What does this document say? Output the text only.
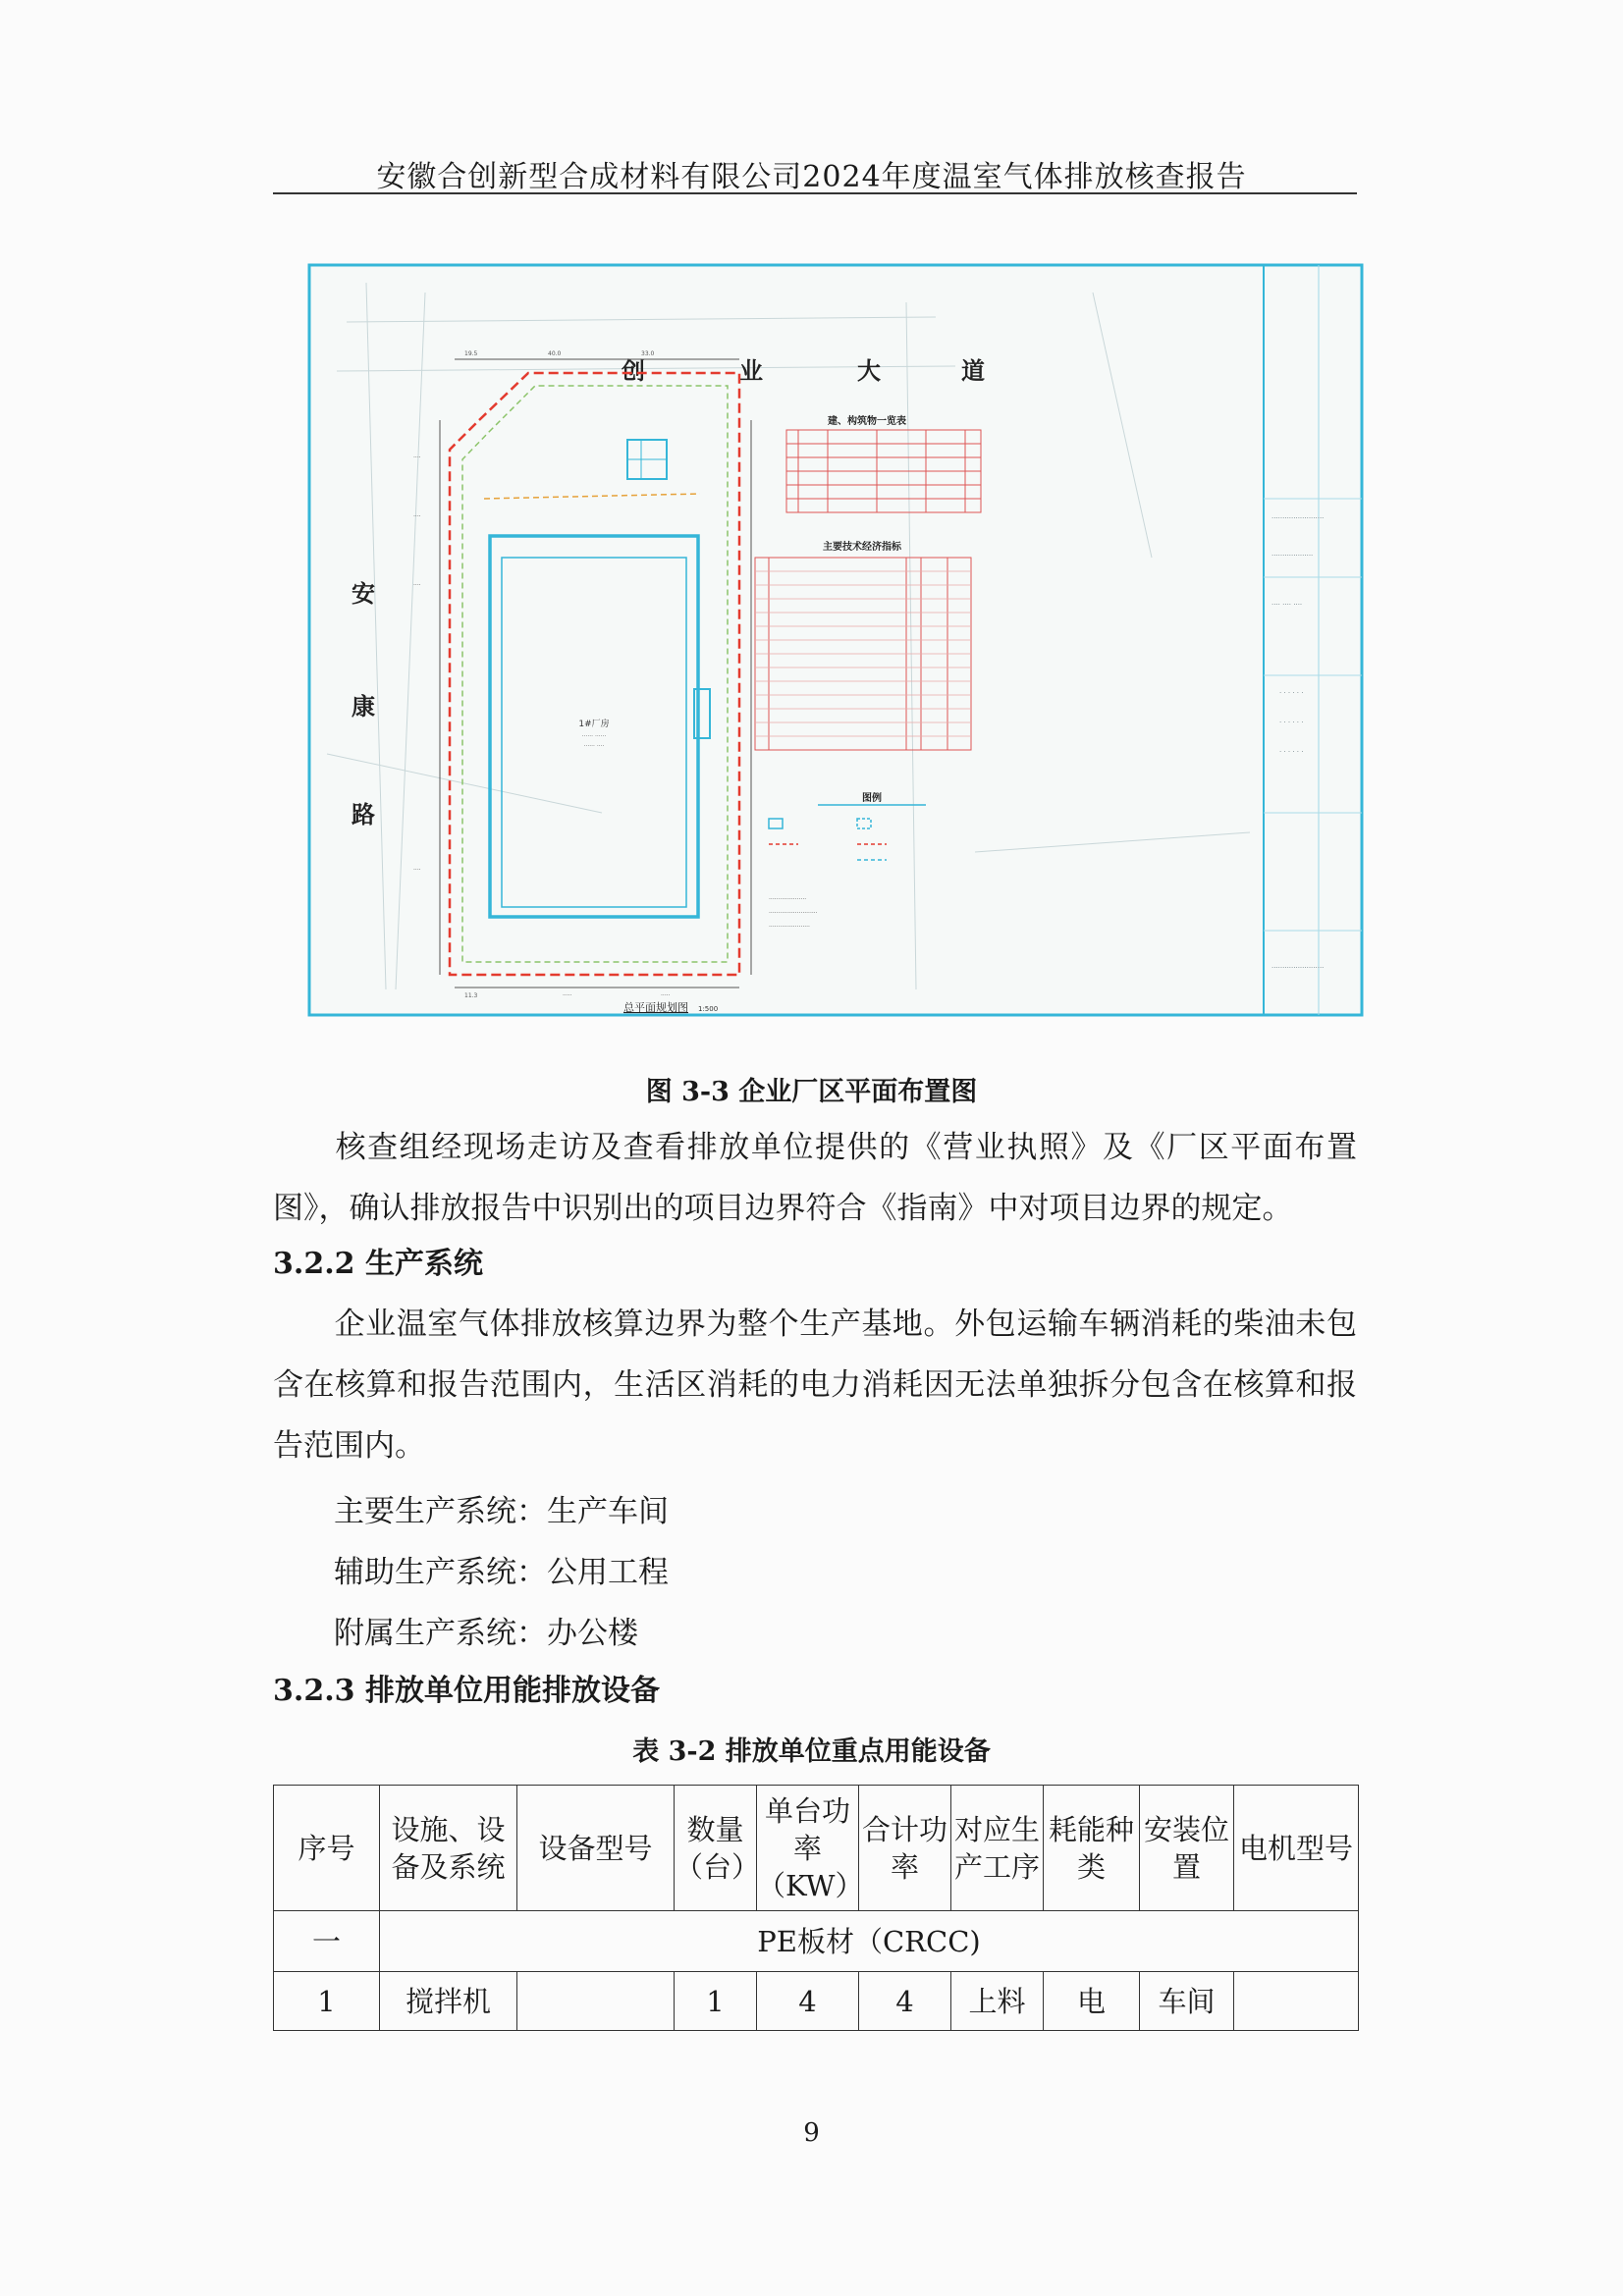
安徽合创新型合成材料有限公司2024年度温室气体排放核查报告
························
···················
···· ···· ····
· · · · · ·
· · · · · ·
· · · · · ·
························
创	业	大	道
安
康
路
1#厂房
······ ······
······ ····
19.5	40.0	33.0
11.3	·····	·····
····
····
····
····
建、构筑物一览表
主要技术经济指标
图例
····················
··························
······················
总平面规划图 1:500
图 3-3 企业厂区平面布置图
核查组经现场走访及查看排放单位提供的《营业执照》及《厂区平面布置图》，确认排放报告中识别出的项目边界符合《指南》中对项目边界的规定。
3.2.2 生产系统
企业温室气体排放核算边界为整个生产基地。外包运输车辆消耗的柴油未包含在核算和报告范围内，生活区消耗的电力消耗因无法单独拆分包含在核算和报告范围内。
主要生产系统：生产车间
辅助生产系统：公用工程
附属生产系统：办公楼
3.2.3 排放单位用能排放设备
表 3-2 排放单位重点用能设备
序号	设施、设备及系统	设备型号	数量（台）	单台功率（KW）	合计功率	对应生产工序	耗能种类	安装位置	电机型号
一	PE板材（CRCC)								
1	搅拌机		1	4	4	上料	电	车间	
9
